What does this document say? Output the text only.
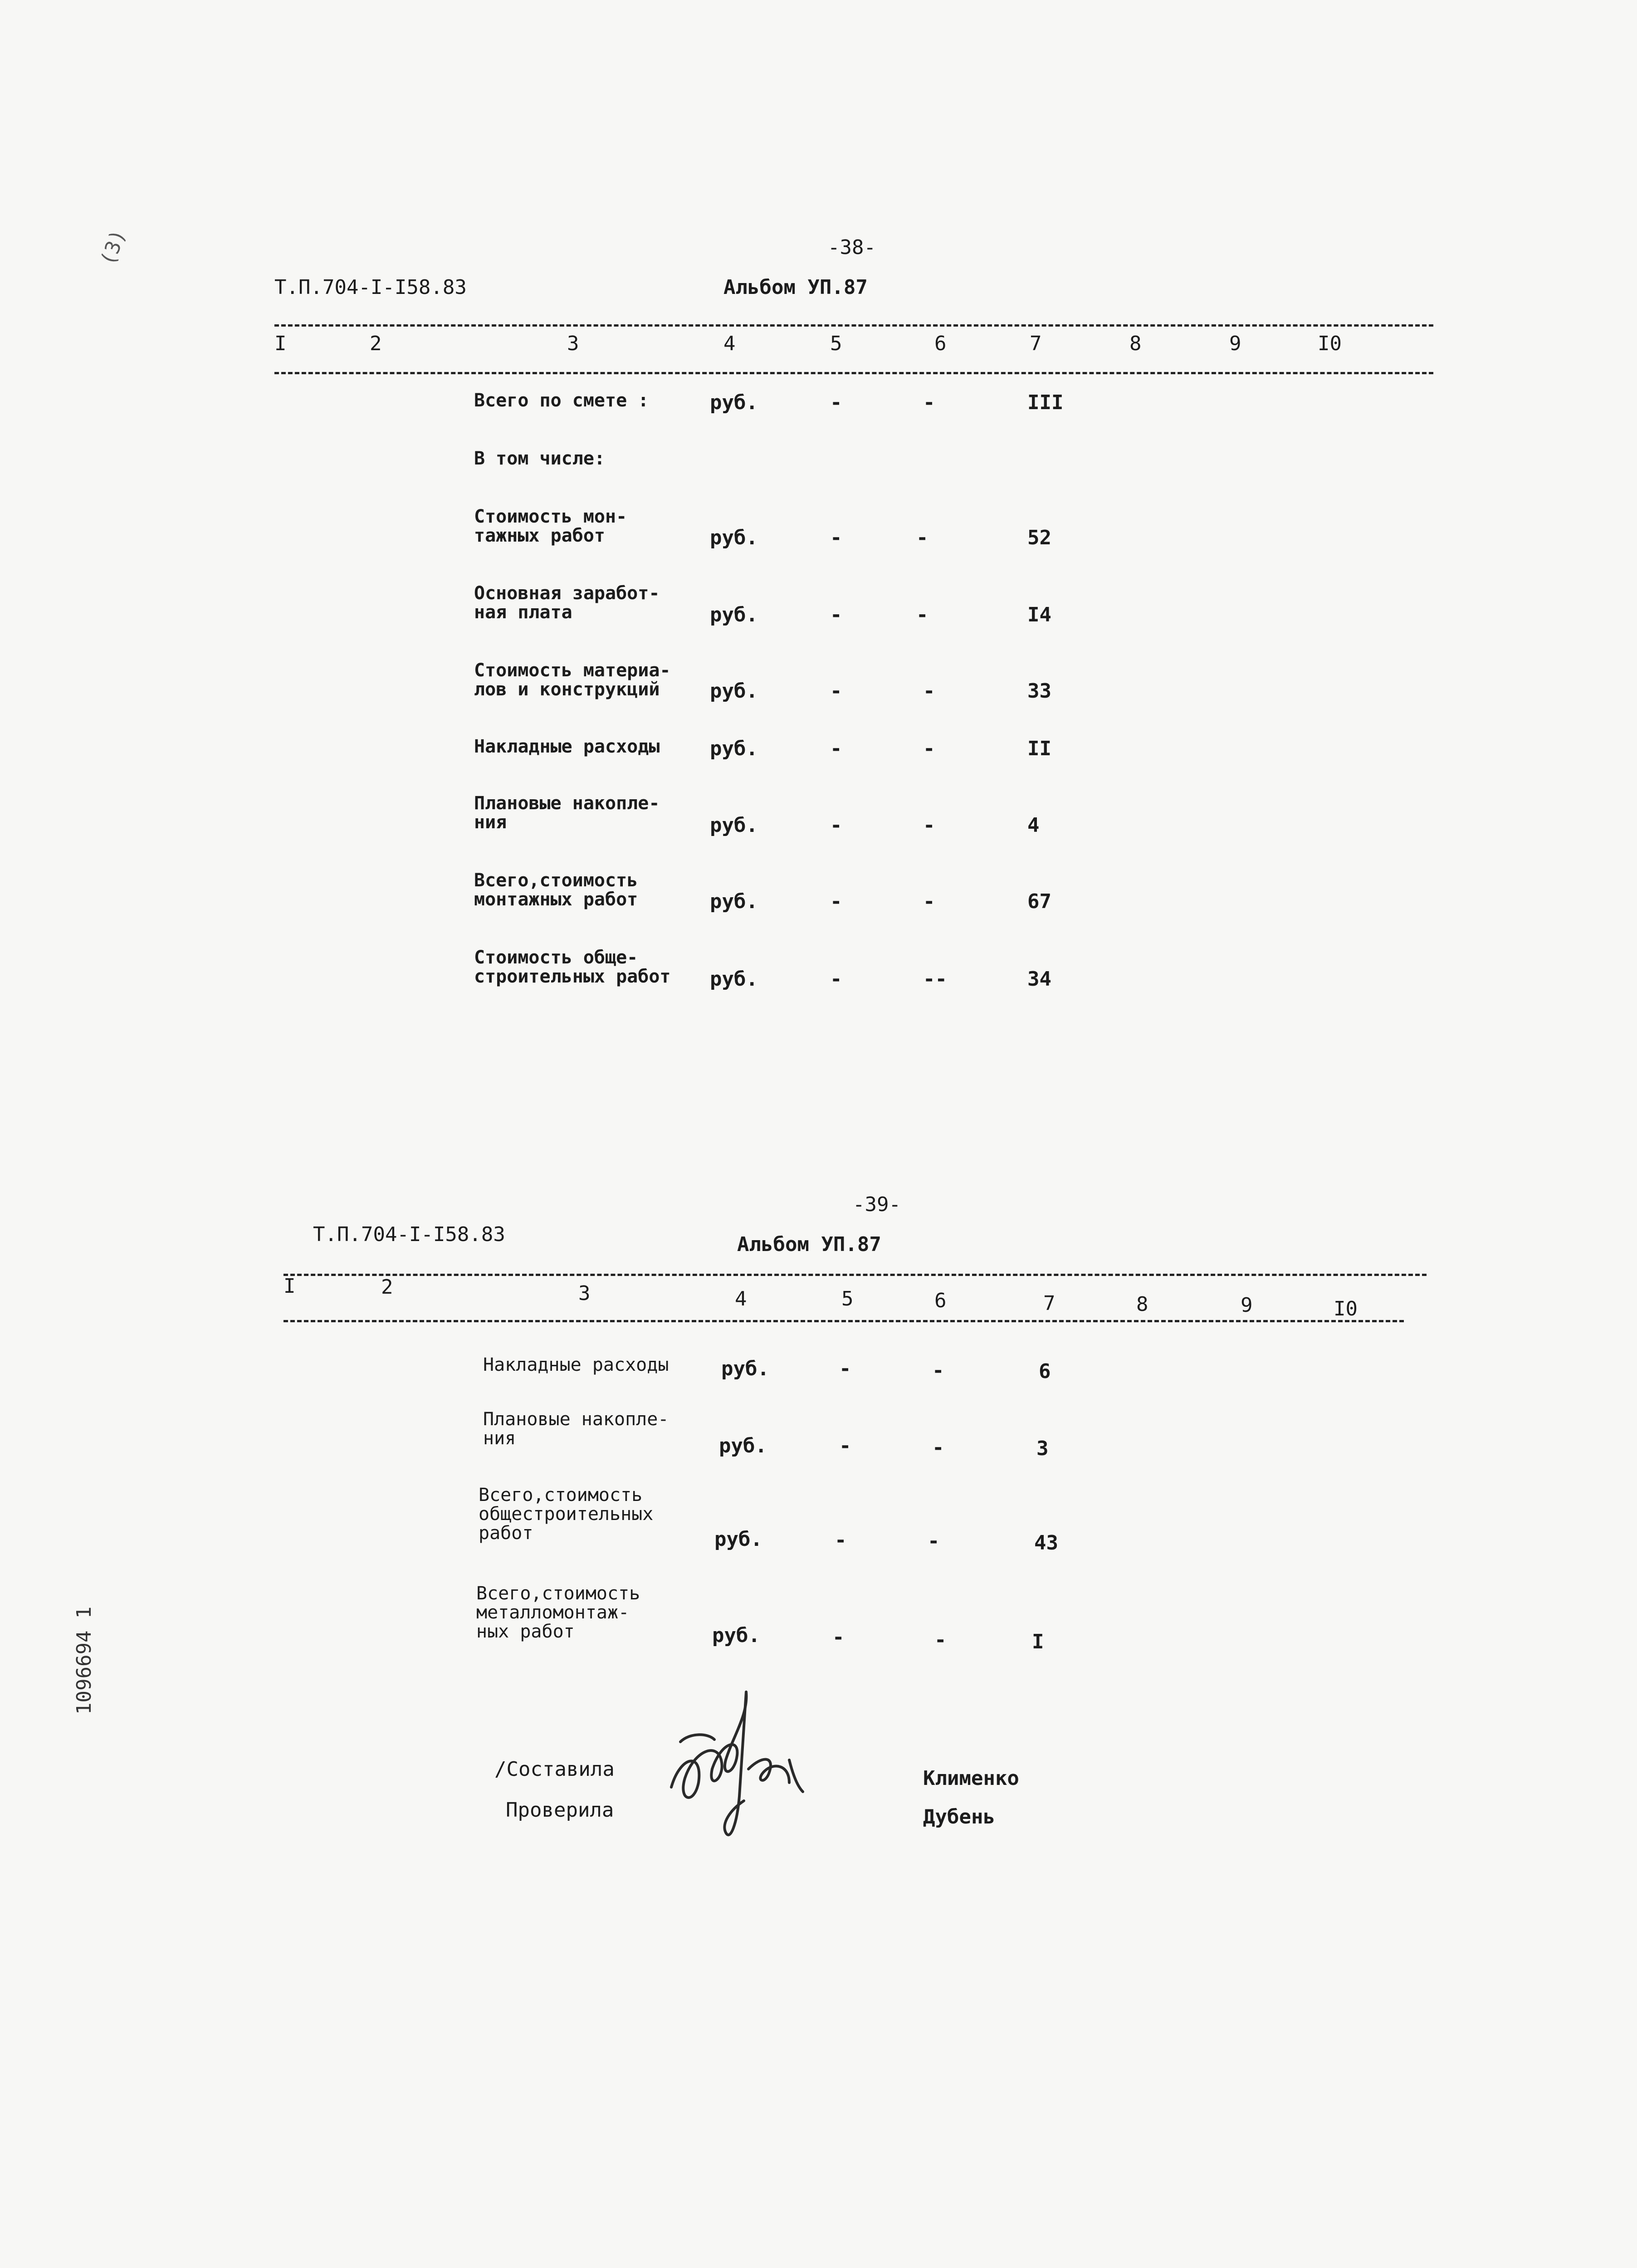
(3)
1096694 1
-38-
Т.П.704-I-I58.83	Альбом УП.87
I	2	3	4	5	6	7	8	9	I0
Всего по смете :	руб.	-	-	III
В том числе:
Стоимость мон-
тажных работ	руб.	-	-	52
Основная заработ-
ная плата	руб.	-	-	I4
Стоимость материа-
лов и конструкций	руб.	-	-	33
Накладные расходы	руб.	-	-	II
Плановые накопле-
ния	руб.	-	-	4
Всего,стоимость
монтажных работ	руб.	-	-	67
Стоимость обще-
строительных работ	руб.	-	--	34
-39-
Т.П.704-I-I58.83	Альбом УП.87
I	2	3	4	5	6	7	8	9	I0
Накладные расходы	руб.	-	-	6
Плановые накопле-
ния	руб.	-	-	3
Всего,стоимость
общестроительных
работ	руб.	-	-	43
Всего,стоимость
металломонтаж-
ных работ	руб.	-	-	I
/Составила
Проверила
Клименко
Дубень
